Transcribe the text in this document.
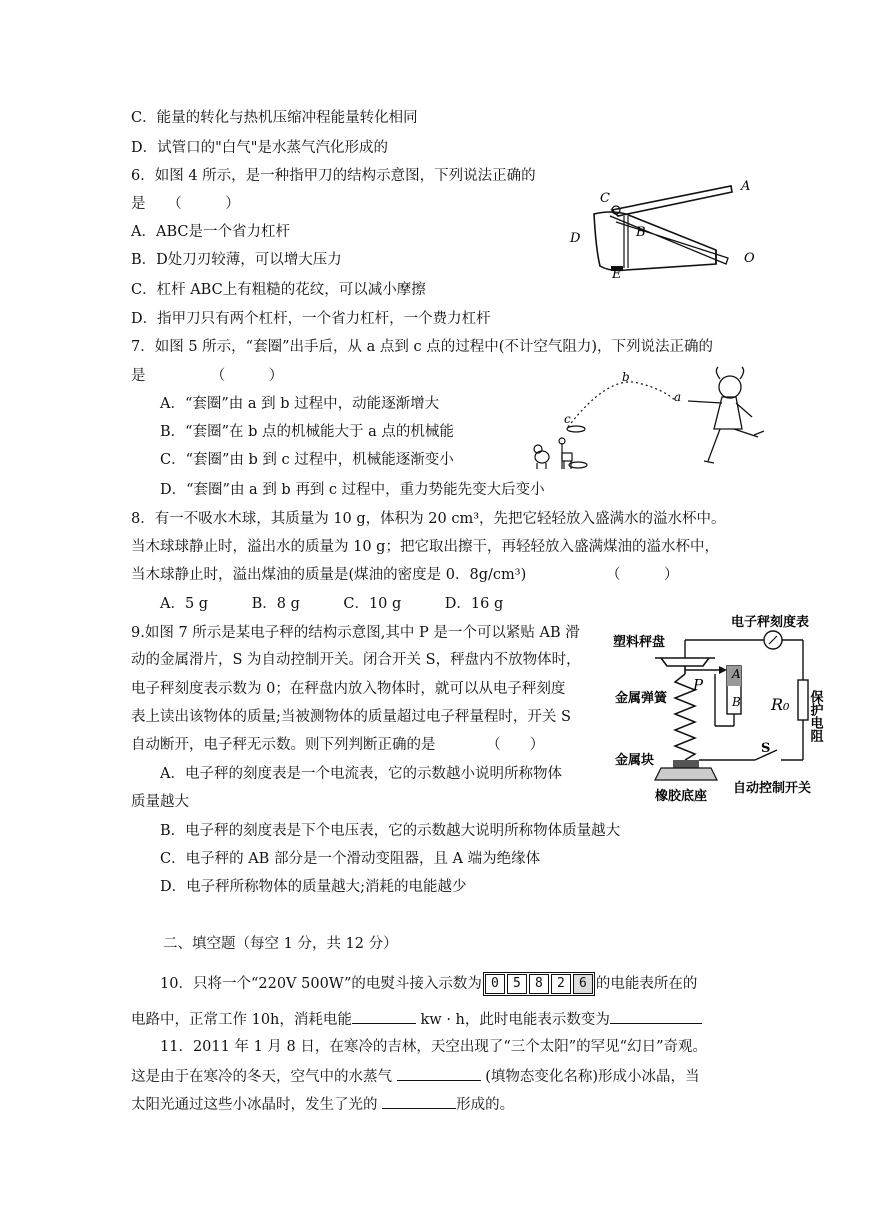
C．能量的转化与热机压缩冲程能量转化相同
D．试管口的"白气"是水蒸气汽化形成的
6．如图 4 所示，是一种指甲刀的结构示意图，下列说法正确的
是　　（　　　）
A．ABC是一个省力杠杆
B．D处刀刃较薄，可以增大压力
C．杠杆 ABC上有粗糙的花纹，可以减小摩擦
D．指甲刀只有两个杠杆，一个省力杠杆，一个费力杠杆
C
A
B
D
E
O
7．如图 5 所示，“套圈”出手后，从 a 点到 c 点的过程中(不计空气阻力)，下列说法正确的
是　　　　　（　　　）
A．“套圈”由 a 到 b 过程中，动能逐渐增大
B．“套圈”在 b 点的机械能大于 a 点的机械能
C．“套圈”由 b 到 c 过程中，机械能逐渐变小
D．“套圈”由 a 到 b 再到 c 过程中，重力势能先变大后变小
b
a
c
8．有一不吸水木球，其质量为 10 g，体积为 20 cm³，先把它轻轻放入盛满水的溢水杯中。
当木球球静止时，溢出水的质量为 10 g；把它取出擦干，再轻轻放入盛满煤油的溢水杯中，
当木球静止时，溢出煤油的质量是(煤油的密度是 0．8g/cm³)　　　　　　（　　　）
A．5 g　　　B．8 g　　　C．10 g　　　D．16 g
9.如图 7 所示是某电子秤的结构示意图,其中 P 是一个可以紧贴 AB 滑
动的金属滑片，S 为自动控制开关。闭合开关 S，秤盘内不放物体时，
电子秤刻度表示数为 0；在秤盘内放入物体时，就可以从电子秤刻度
表上读出该物体的质量;当被测物体的质量超过电子秤量程时，开关 S
自动断开，电子秤无示数。则下列判断正确的是　　　　（　　）
A．电子秤的刻度表是一个电流表，它的示数越小说明所称物体
质量越大
B．电子秤的刻度表是下个电压表，它的示数越大说明所称物体质量越大
C．电子秤的 AB 部分是一个滑动变阻器，且 A 端为绝缘体
D．电子秤所称物体的质量越大;消耗的电能越少
塑料秤盘
电子秤刻度表
金属弹簧
金属块
橡胶底座
自动控制开关
P
A
B R₀ 保护电阻
S
二、填空题（每空 1 分，共 12 分）
10．只将一个“220V 500W”的电熨斗接入示数为 0	5	8	2	6 的电能表所在的
电路中，正常工作 10h，消耗电能	kw · h，此时电能表示数变为
11．2011 年 1 月 8 日，在寒冷的吉林，天空出现了“三个太阳”的罕见“幻日”奇观。
这是由于在寒冷的冬天，空气中的水蒸气	(填物态变化名称)形成小冰晶，当
太阳光通过这些小冰晶时，发生了光的	形成的。
